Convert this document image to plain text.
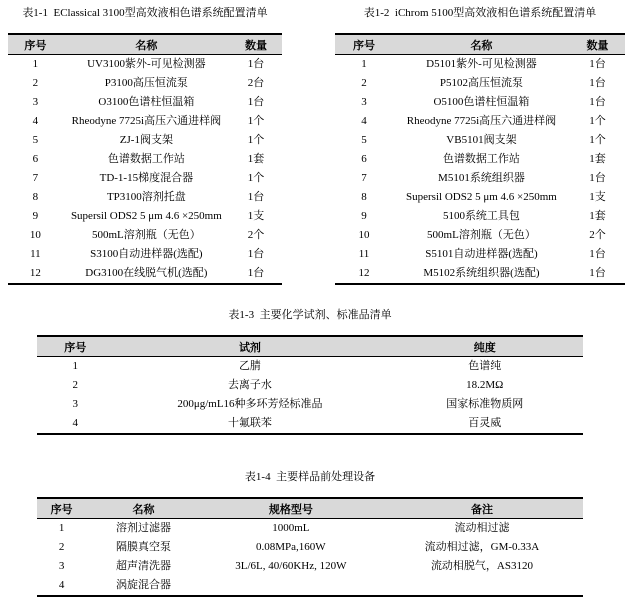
表1-1  EClassical 3100型高效液相色谱系统配置清单
序号	名称	数量
1	UV3100紫外-可见检测器	1台
2	P3100高压恒流泵	2台
3	O3100色谱柱恒温箱	1台
4	Rheodyne 7725i高压六通进样阀	1个
5	ZJ-1阀支架	1个
6	色谱数据工作站	1套
7	TD-1-15梯度混合器	1个
8	TP3100溶剂托盘	1台
9	Supersil ODS2 5 μm 4.6 ×250mm	1支
10	500mL溶剂瓶（无色）	2个
11	S3100自动进样器(选配)	1台
12	DG3100在线脱气机(选配)	1台
表1-2  iChrom 5100型高效液相色谱系统配置清单
序号	名称	数量
1	D5101紫外-可见检测器	1台
2	P5102高压恒流泵	1台
3	O5100色谱柱恒温箱	1台
4	Rheodyne 7725i高压六通进样阀	1个
5	VB5101阀支架	1个
6	色谱数据工作站	1套
7	M5101系统组织器	1台
8	Supersil ODS2 5 μm 4.6 ×250mm	1支
9	5100系统工具包	1套
10	500mL溶剂瓶（无色）	2个
11	S5101自动进样器(选配)	1台
12	M5102系统组织器(选配)	1台
表1-3  主要化学试剂、标准品清单
序号	试剂	纯度
1	乙腈	色谱纯
2	去离子水	18.2MΩ
3	200μg/mL16种多环芳烃标准品	国家标准物质网
4	十氟联苯	百灵威
表1-4  主要样品前处理设备
序号	名称	规格型号	备注
1	溶剂过滤器	1000mL	流动相过滤
2	隔膜真空泵	0.08MPa,160W	流动相过滤，GM-0.33A
3	超声清洗器	3L/6L, 40/60KHz, 120W	流动相脱气，AS3120
4	涡旋混合器		
